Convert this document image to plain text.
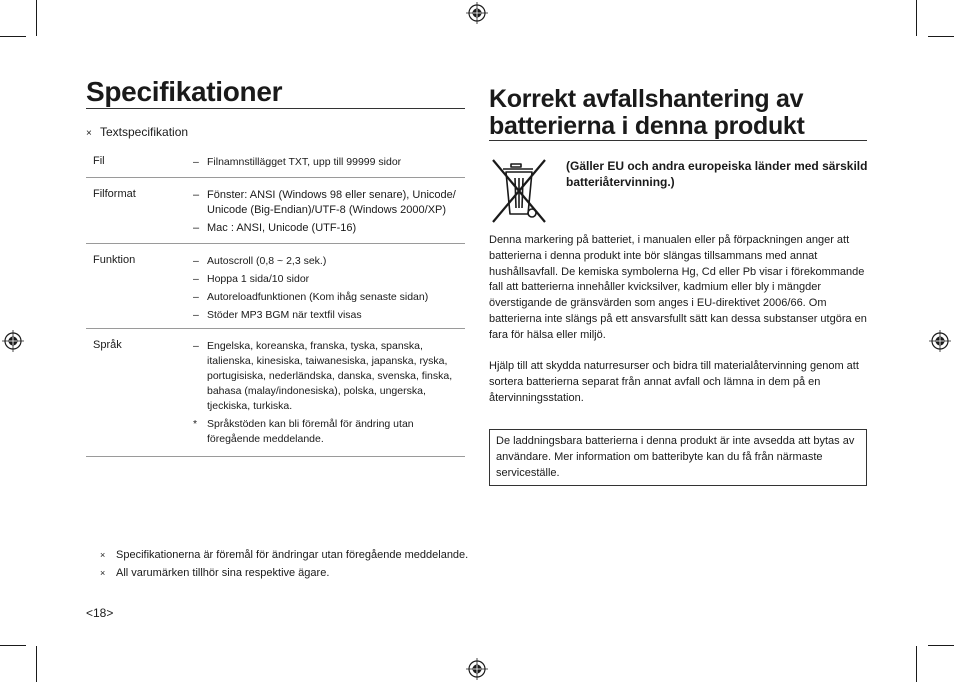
Specifikationer
× Textspecifikation
Fil	– Filnamnstillägget TXT, upp till 99999 sidor
Filformat	– Fönster: ANSI (Windows 98 eller senare), Unicode/ Unicode (Big-Endian)/UTF-8 (Windows 2000/XP)
– Mac : ANSI, Unicode (UTF-16)
Funktion	– Autoscroll (0,8 ~ 2,3 sek.)
– Hoppa 1 sida/10 sidor
– Autoreloadfunktionen (Kom ihåg senaste sidan)
– Stöder MP3 BGM när textfil visas
Språk	– Engelska, koreanska, franska, tyska, spanska, italienska, kinesiska, taiwanesiska, japanska, ryska, portugisiska, nederländska, danska, svenska, finska, bahasa (malay/indonesiska), polska, ungerska, tjeckiska, turkiska.
* Språkstöden kan bli föremål för ändring utan föregående meddelande.
× Specifikationerna är föremål för ändringar utan föregående meddelande.
× All varumärken tillhör sina respektive ägare.
<18>
Korrekt avfallshantering av batterierna i denna produkt
(Gäller EU och andra europeiska länder med särskild batteriåtervinning.)

Denna markering på batteriet, i manualen eller på förpackningen anger att batterierna i denna produkt inte bör slängas tillsammans med annat hushållsavfall. De kemiska symbolerna Hg, Cd eller Pb visar i förekommande fall att batterierna innehåller kvicksilver, kadmium eller bly i mängder överstigande de gränsvärden som anges i EU-direktivet 2006/66. Om batterierna inte slängs på ett ansvarsfullt sätt kan dessa substanser utgöra en fara för hälsa eller miljö.

Hjälp till att skydda naturresurser och bidra till materialåtervinning genom att sortera batterierna separat från annat avfall och lämna in dem på en återvinningsstation.

De laddningsbara batterierna i denna produkt är inte avsedda att bytas av användare. Mer information om batteribyte kan du få från närmaste serviceställe.
